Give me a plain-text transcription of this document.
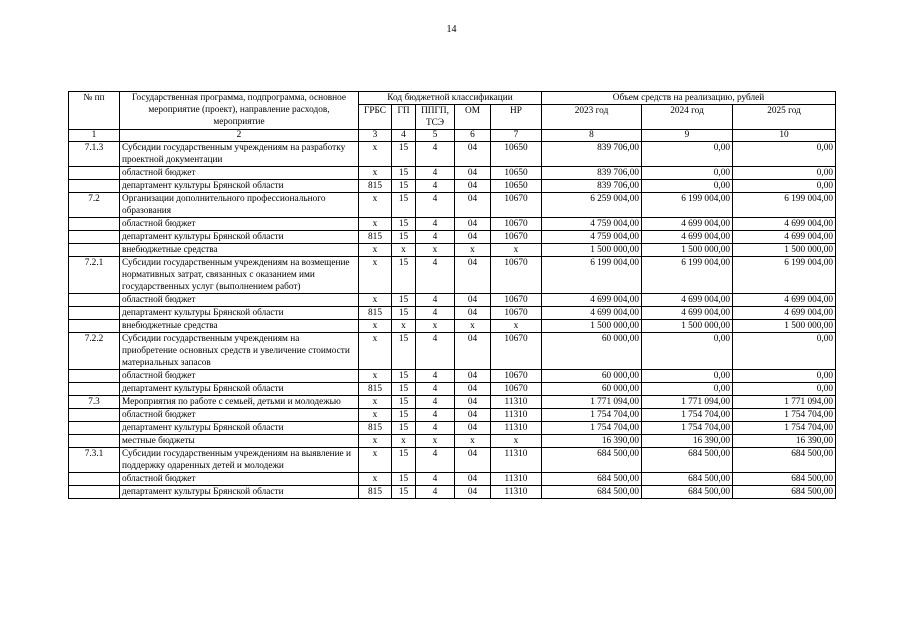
14
№ пп	Государственная программа, подпрограмма, основное мероприятие (проект), направление расходов, мероприятие	Код бюджетной классификации					Объем средств на реализацию, рублей		
		ГРБС	ГП	ППГП, ТСЭ	ОМ	НР	2023 год	2024 год	2025 год
1	2	3	4	5	6	7	8	9	10
7.1.3	Субсидии государственным учреждениям на разработку проектной документации	х	15	4	04	10650	839 706,00	0,00	0,00
	областной бюджет	х	15	4	04	10650	839 706,00	0,00	0,00
	департамент культуры Брянской области	815	15	4	04	10650	839 706,00	0,00	0,00
7.2	Организации дополнительного профессионального образования	х	15	4	04	10670	6 259 004,00	6 199 004,00	6 199 004,00
	областной бюджет	х	15	4	04	10670	4 759 004,00	4 699 004,00	4 699 004,00
	департамент культуры Брянской области	815	15	4	04	10670	4 759 004,00	4 699 004,00	4 699 004,00
	внебюджетные средства	х	х	х	х	х	1 500 000,00	1 500 000,00	1 500 000,00
7.2.1	Субсидии государственным учреждениям на возмещение нормативных затрат, связанных с оказанием ими государственных услуг (выполнением работ)	х	15	4	04	10670	6 199 004,00	6 199 004,00	6 199 004,00
	областной бюджет	х	15	4	04	10670	4 699 004,00	4 699 004,00	4 699 004,00
	департамент культуры Брянской области	815	15	4	04	10670	4 699 004,00	4 699 004,00	4 699 004,00
	внебюджетные средства	х	х	х	х	х	1 500 000,00	1 500 000,00	1 500 000,00
7.2.2	Субсидии государственным учреждениям на приобретение основных средств и увеличение стоимости материальных запасов	х	15	4	04	10670	60 000,00	0,00	0,00
	областной бюджет	х	15	4	04	10670	60 000,00	0,00	0,00
	департамент культуры Брянской области	815	15	4	04	10670	60 000,00	0,00	0,00
7.3	Мероприятия по работе с семьей, детьми и молодежью	х	15	4	04	11310	1 771 094,00	1 771 094,00	1 771 094,00
	областной бюджет	х	15	4	04	11310	1 754 704,00	1 754 704,00	1 754 704,00
	департамент культуры Брянской области	815	15	4	04	11310	1 754 704,00	1 754 704,00	1 754 704,00
	местные бюджеты	х	х	х	х	х	16 390,00	16 390,00	16 390,00
7.3.1	Субсидии государственным учреждениям на выявление и поддержку одаренных детей и молодежи	х	15	4	04	11310	684 500,00	684 500,00	684 500,00
	областной бюджет	х	15	4	04	11310	684 500,00	684 500,00	684 500,00
	департамент культуры Брянской области	815	15	4	04	11310	684 500,00	684 500,00	684 500,00
